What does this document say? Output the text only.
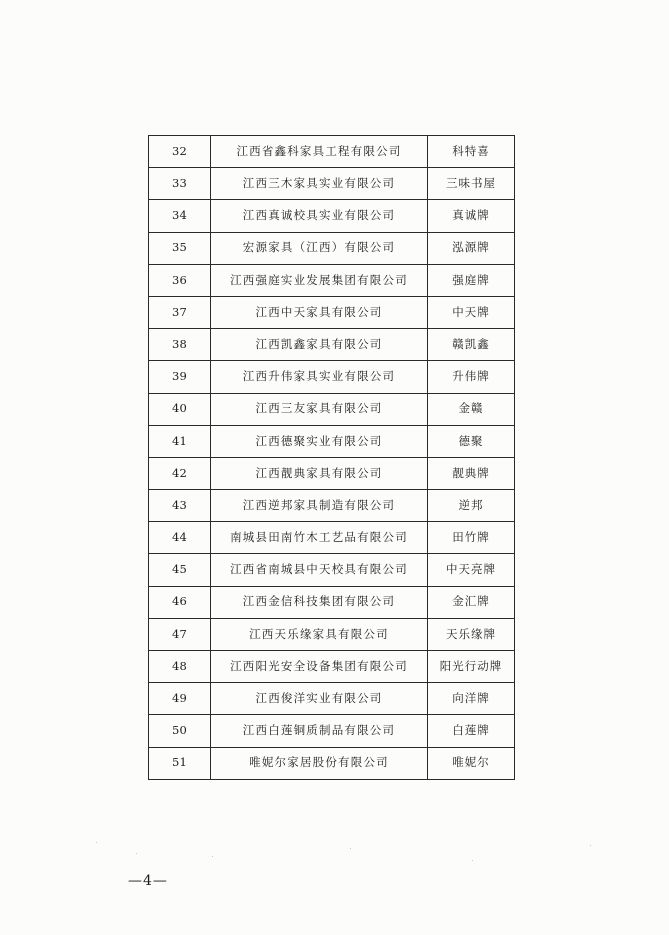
32	江西省鑫科家具工程有限公司	科特喜
33	江西三木家具实业有限公司	三味书屋
34	江西真诚校具实业有限公司	真诚牌
35	宏源家具（江西）有限公司	泓源牌
36	江西强庭实业发展集团有限公司	强庭牌
37	江西中天家具有限公司	中天牌
38	江西凯鑫家具有限公司	赣凯鑫
39	江西升伟家具实业有限公司	升伟牌
40	江西三友家具有限公司	金赣
41	江西德聚实业有限公司	德聚
42	江西靓典家具有限公司	靓典牌
43	江西逆邦家具制造有限公司	逆邦
44	南城县田南竹木工艺品有限公司	田竹牌
45	江西省南城县中天校具有限公司	中天亮牌
46	江西金信科技集团有限公司	金汇牌
47	江西天乐缘家具有限公司	天乐缘牌
48	江西阳光安全设备集团有限公司	阳光行动牌
49	江西俊洋实业有限公司	向洋牌
50	江西白莲铜质制品有限公司	白莲牌
51	唯妮尔家居股份有限公司	唯妮尔
—4—
